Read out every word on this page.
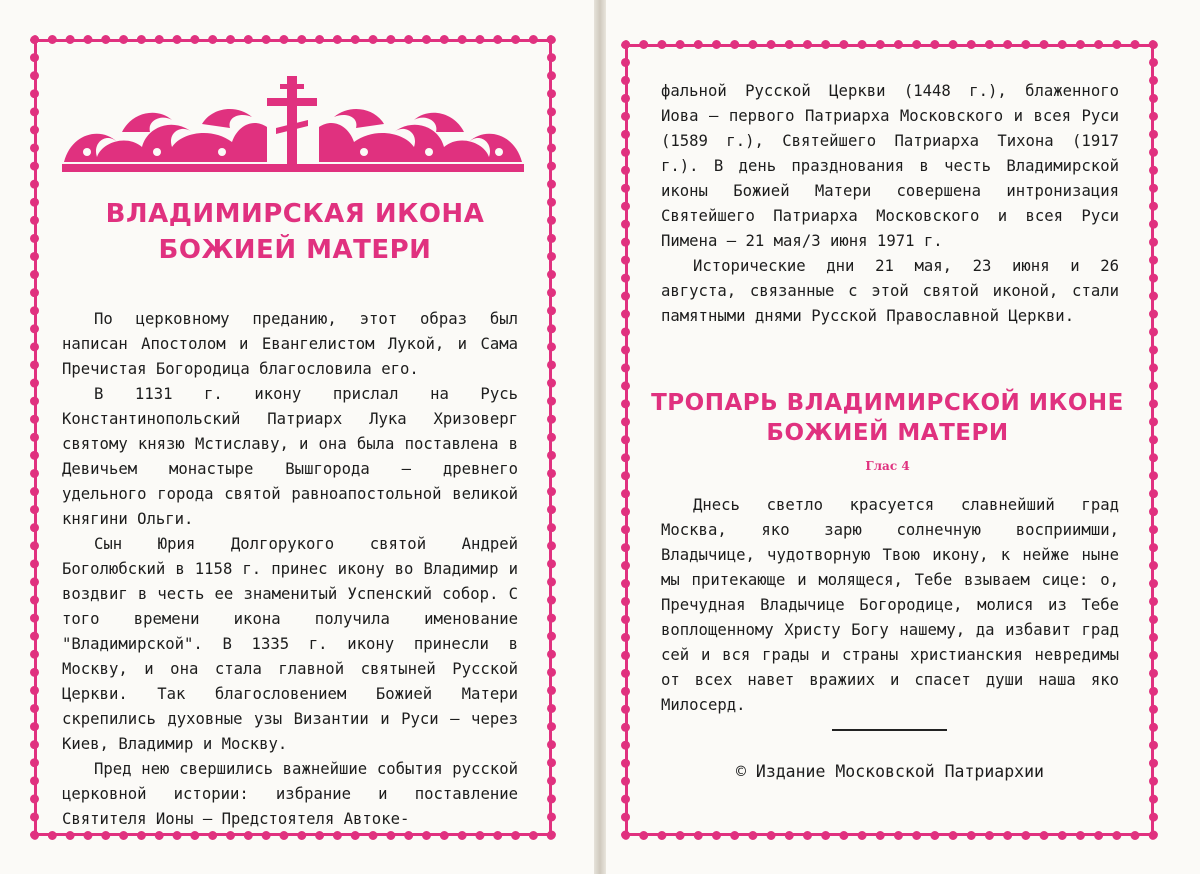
ВЛАДИМИРСКАЯ ИКОНА
БОЖИЕЙ МАТЕРИ

По церковному преданию, этот образ был написан Апостолом и Евангелистом Лукой, и Сама Пречистая Богородица благословила его.

В 1131 г. икону прислал на Русь Константинопольский Патриарх Лука Хризоверг святому князю Мстиславу, и она была поставлена в Девичьем монастыре Вышгорода – древнего удельного города святой равноапостольной великой княгини Ольги.

Сын Юрия Долгорукого святой Андрей Боголюбский в 1158 г. принес икону во Владимир и воздвиг в честь ее знаменитый Успенский собор. С того времени икона получила именование "Владимирской". В 1335 г. икону принесли в Москву, и она стала главной святыней Русской Церкви. Так благословением Божией Матери скрепились духовные узы Византии и Руси – через Киев, Владимир и Москву.

Пред нею свершились важнейшие события русской церковной истории: избрание и поставление Святителя Ионы – Предстоятеля Автоке-

фальной Русской Церкви (1448 г.), блаженного Иова – первого Патриарха Московского и всея Руси (1589 г.), Святейшего Патриарха Тихона (1917 г.). В день празднования в честь Владимирской иконы Божией Матери совершена интронизация Святейшего Патриарха Московского и всея Руси Пимена – 21 мая/3 июня 1971 г.

Исторические дни 21 мая, 23 июня и 26 августа, связанные с этой святой иконой, стали памятными днями Русской Православной Церкви.

ТРОПАРЬ ВЛАДИМИРСКОЙ ИКОНЕ
БОЖИЕЙ МАТЕРИ
Глас 4

Днесь светло красуется славнейший град Москва, яко зарю солнечную восприимши, Владычице, чудотворную Твою икону, к нейже ныне мы притекающе и молящеся, Тебе взываем сице: о, Пречудная Владычице Богородице, молися из Тебе воплощенному Христу Богу нашему, да избавит град сей и вся грады и страны христианския невредимы от всех навет вражиих и спасет души наша яко Милосерд.

© Издание Московской Патриархии
